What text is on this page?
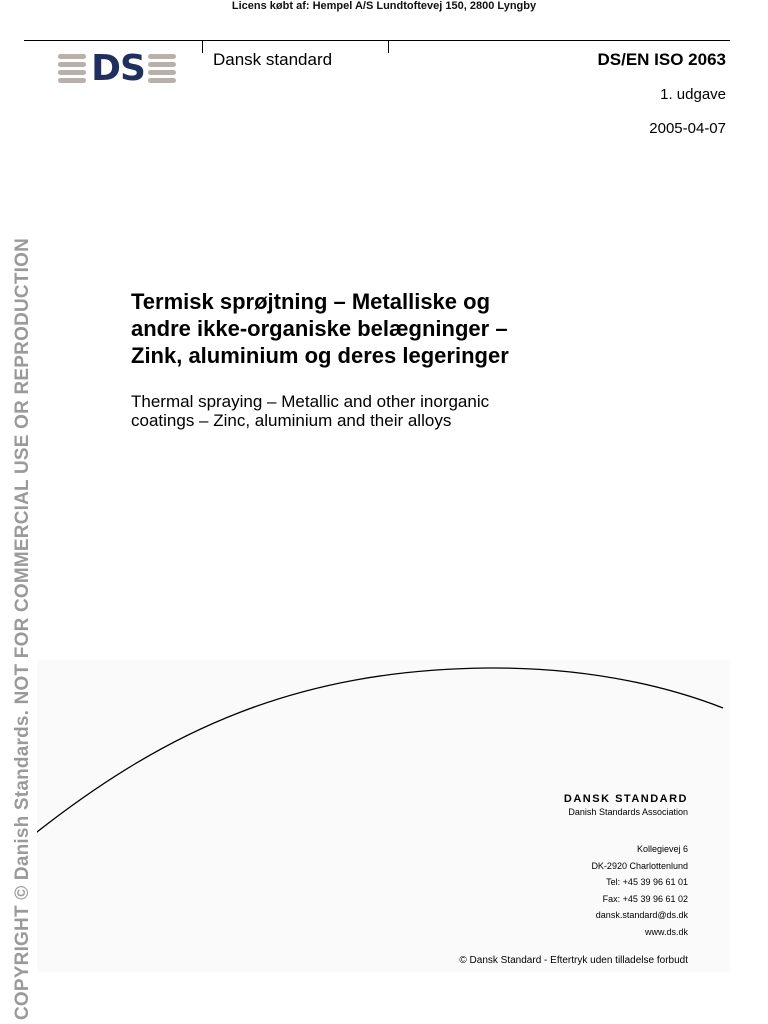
Licens købt af: Hempel A/S Lundtoftevej 150, 2800 Lyngby
DS	Dansk standard	DS/EN ISO 2063
1. udgave
2005-04-07
COPYRIGHT © Danish Standards. NOT FOR COMMERCIAL USE OR REPRODUCTION	Termisk sprøjtning – Metalliske og
andre ikke-organiske belægninger –
Zink, aluminium og deres legeringer
Thermal spraying – Metallic and other inorganic
coatings – Zinc, aluminium and their alloys
DANSK STANDARD
Danish Standards Association
Kollegievej 6
DK-2920 Charlottenlund
Tel: +45 39 96 61 01
Fax: +45 39 96 61 02
dansk.standard@ds.dk
www.ds.dk
© Dansk Standard - Eftertryk uden tilladelse forbudt
